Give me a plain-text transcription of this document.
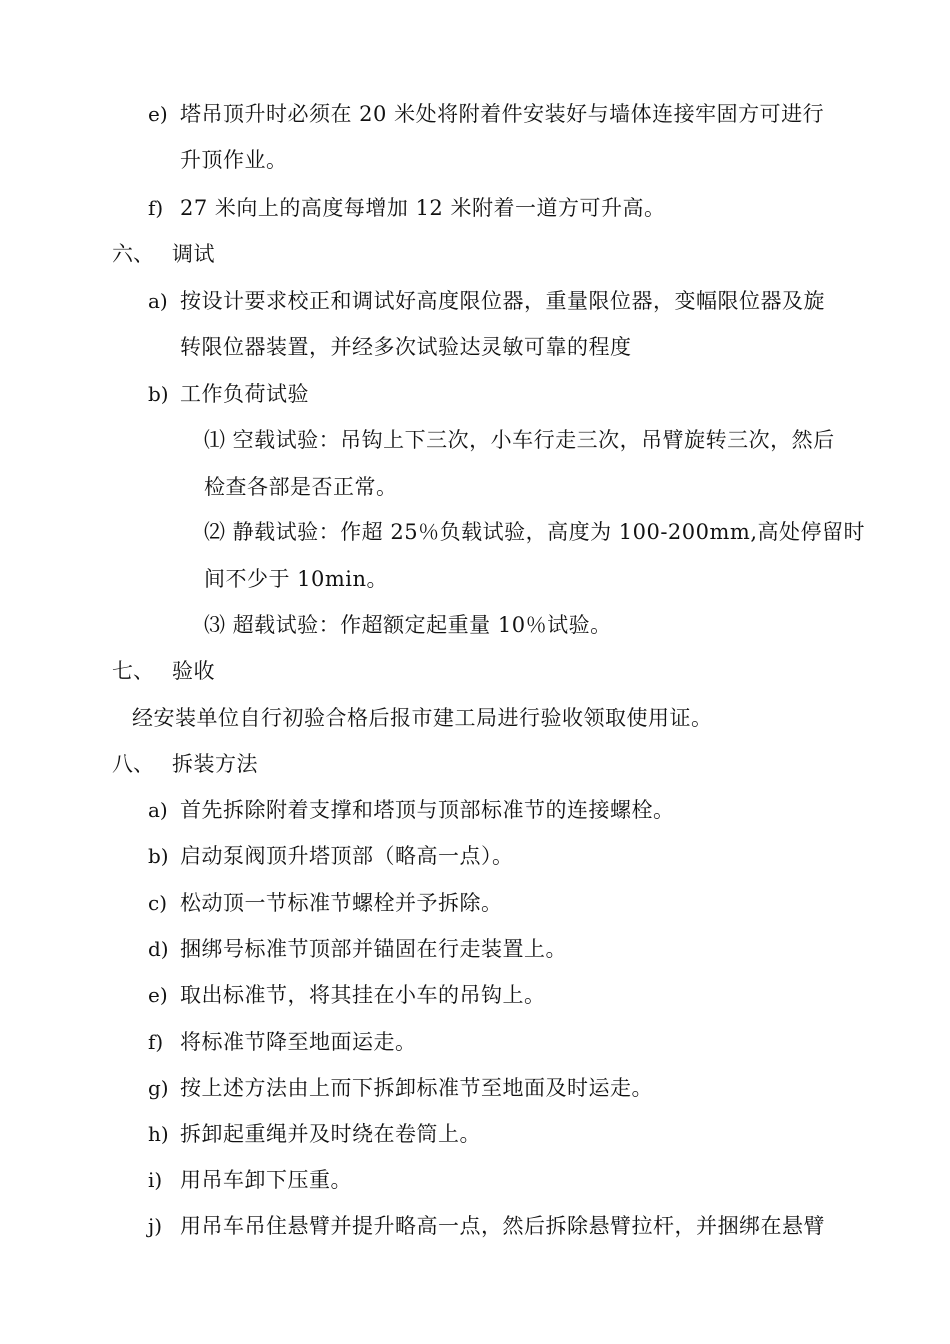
e) 塔吊顶升时必须在 20 米处将附着件安装好与墙体连接牢固方可进行
升顶作业。
f) 27 米向上的高度每增加 12 米附着一道方可升高。
六、 调试
a) 按设计要求校正和调试好高度限位器，重量限位器，变幅限位器及旋
转限位器装置，并经多次试验达灵敏可靠的程度
b) 工作负荷试验
⑴ 空载试验：吊钩上下三次，小车行走三次，吊臂旋转三次，然后
检查各部是否正常。
⑵ 静载试验：作超 25％负载试验，高度为 100-200mm,高处停留时
间不少于 10min。
⑶ 超载试验：作超额定起重量 10％试验。
七、 验收
经安装单位自行初验合格后报市建工局进行验收领取使用证。
八、 拆装方法
a) 首先拆除附着支撑和塔顶与顶部标准节的连接螺栓。
b) 启动泵阀顶升塔顶部（略高一点）。
c) 松动顶一节标准节螺栓并予拆除。
d) 捆绑号标准节顶部并锚固在行走装置上。
e) 取出标准节，将其挂在小车的吊钩上。
f) 将标准节降至地面运走。
g) 按上述方法由上而下拆卸标准节至地面及时运走。
h) 拆卸起重绳并及时绕在卷筒上。
i) 用吊车卸下压重。
j) 用吊车吊住悬臂并提升略高一点，然后拆除悬臂拉杆，并捆绑在悬臂
